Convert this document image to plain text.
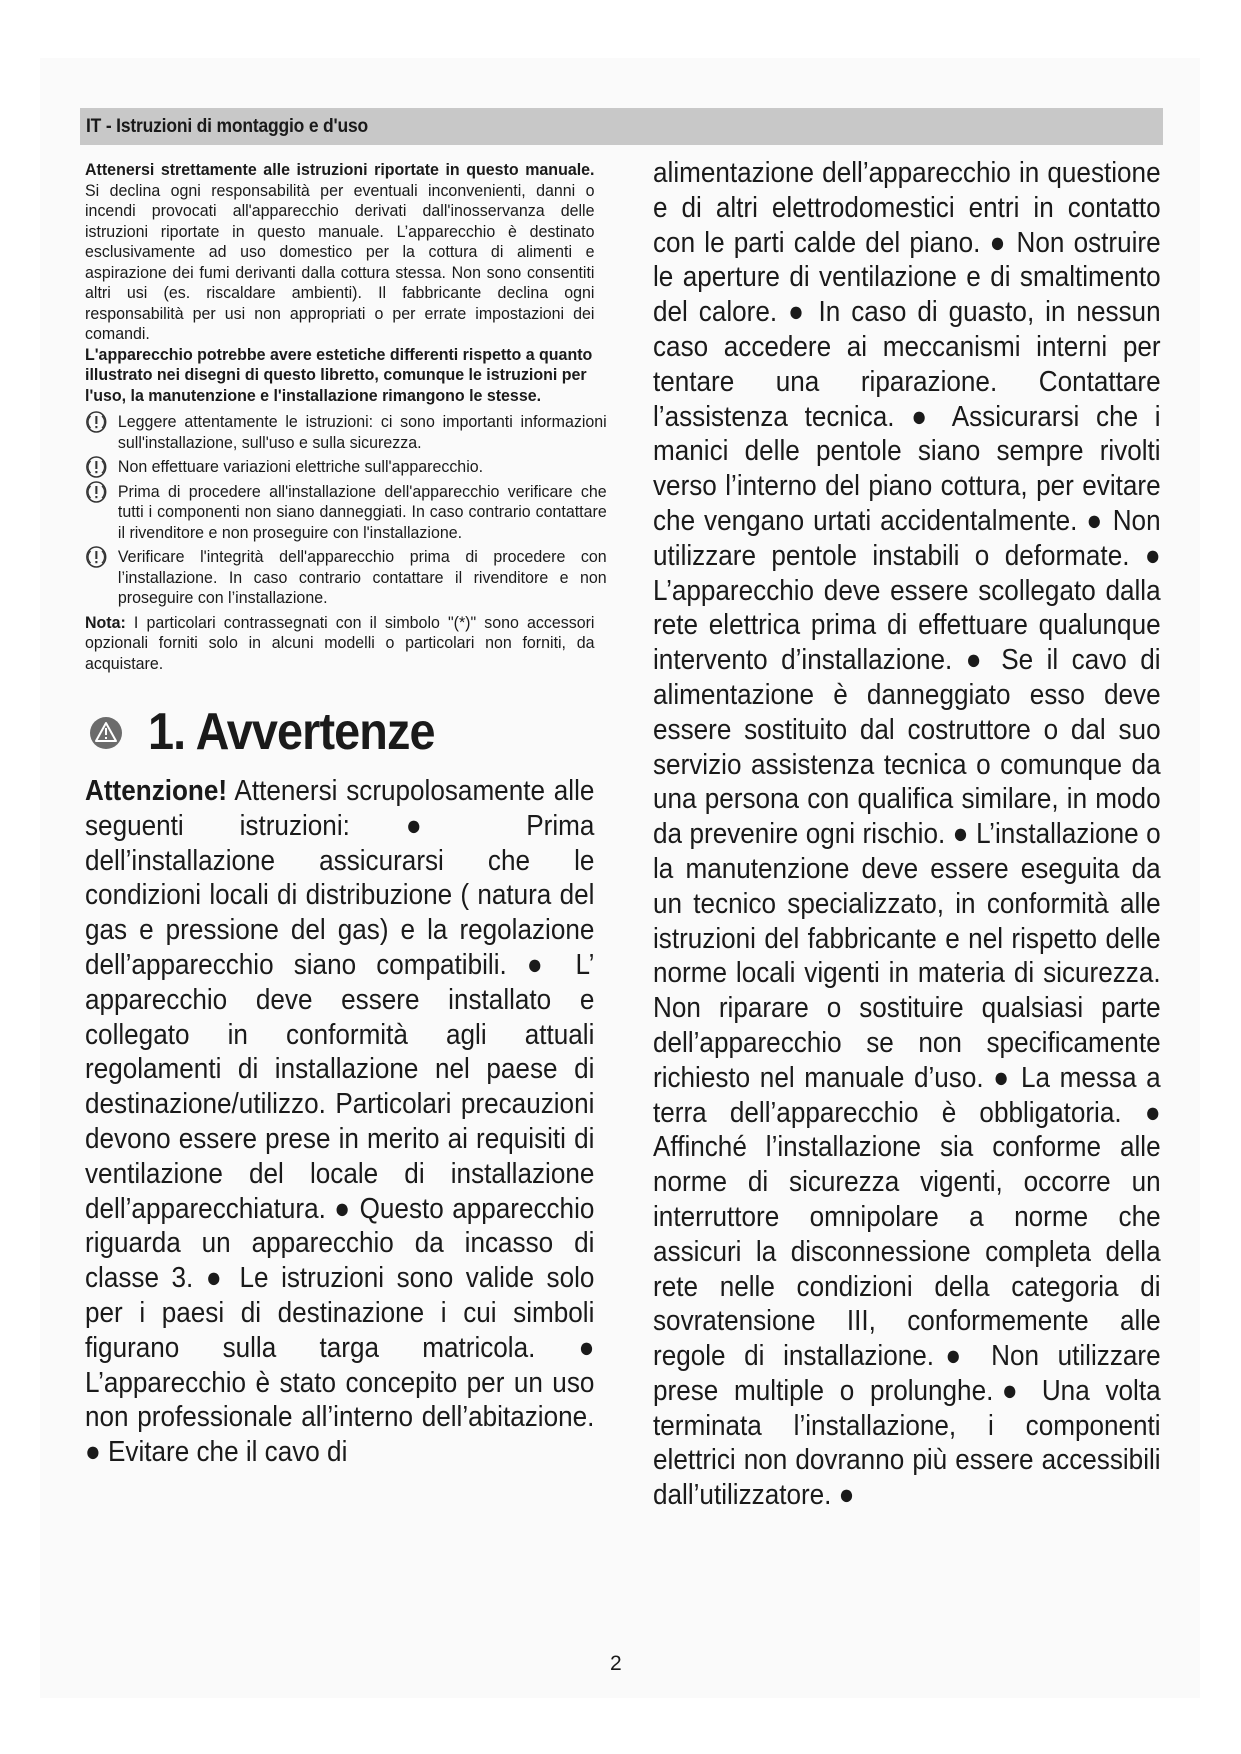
IT - Istruzioni di montaggio e d'uso
Attenersi strettamente alle istruzioni riportate in questo manuale. Si declina ogni responsabilità per eventuali inconvenienti, danni o incendi provocati all'apparecchio derivati dall'inosservanza delle istruzioni riportate in questo manuale. L’apparecchio è destinato esclusivamente ad uso domestico per la cottura di alimenti e aspirazione dei fumi derivanti dalla cottura stessa. Non sono consentiti altri usi (es. riscaldare ambienti). Il fabbricante declina ogni responsabilità per usi non appropriati o per errate impostazioni dei comandi.
L'apparecchio potrebbe avere estetiche differenti rispetto a quanto illustrato nei disegni di questo libretto, comunque le istruzioni per l'uso, la manutenzione e l'installazione rimangono le stesse.
Leggere attentamente le istruzioni: ci sono importanti informazioni sull'installazione, sull'uso e sulla sicurezza.
Non effettuare variazioni elettriche sull'apparecchio.
Prima di procedere all'installazione dell'apparecchio verificare che tutti i componenti non siano danneggiati. In caso contrario contattare il rivenditore e non proseguire con l'installazione.
Verificare l'integrità dell'apparecchio prima di procedere con l’installazione. In caso contrario contattare il rivenditore e non proseguire con l’installazione.
Nota: I particolari contrassegnati con il simbolo "(*)" sono accessori opzionali forniti solo in alcuni modelli o particolari non forniti, da acquistare.
1. Avvertenze
Attenzione! Attenersi scrupolosamente alle seguenti istruzioni: ● Prima dell’installazione assicurarsi che le condizioni locali di distribuzione ( natura del gas e pressione del gas) e la regolazione dell’apparecchio siano compatibili. ● L’ apparecchio deve essere installato e collegato in conformità agli attuali regolamenti di installazione nel paese di destinazione/utilizzo. Particolari precauzioni devono essere prese in merito ai requisiti di ventilazione del locale di installazione dell’apparecchiatura. ● Questo apparecchio riguarda un apparecchio da incasso di classe 3. ● Le istruzioni sono valide solo per i paesi di destinazione i cui simboli figurano sulla targa matricola. ● L’apparecchio è stato concepito per un uso non professionale all’interno dell’abitazione. ● Evitare che il cavo di
alimentazione dell’apparecchio in questione e di altri elettrodomestici entri in contatto con le parti calde del piano. ● Non ostruire le aperture di ventilazione e di smaltimento del calore. ● In caso di guasto, in nessun caso accedere ai meccanismi interni per tentare una riparazione. Contattare l’assistenza tecnica. ● Assicurarsi che i manici delle pentole siano sempre rivolti verso l’interno del piano cottura, per evitare che vengano urtati accidentalmente. ● Non utilizzare pentole instabili o deformate. ● L’apparecchio deve essere scollegato dalla rete elettrica prima di effettuare qualunque intervento d’installazione. ● Se il cavo di alimentazione è danneggiato esso deve essere sostituito dal costruttore o dal suo servizio assistenza tecnica o comunque da una persona con qualifica similare, in modo da prevenire ogni rischio. ● L’installazione o la manutenzione deve essere eseguita da un tecnico specializzato, in conformità alle istruzioni del fabbricante e nel rispetto delle norme locali vigenti in materia di sicurezza. Non riparare o sostituire qualsiasi parte dell’apparecchio se non specificamente richiesto nel manuale d’uso. ● La messa a terra dell’apparecchio è obbligatoria. ● Affinché l’installazione sia conforme alle norme di sicurezza vigenti, occorre un interruttore omnipolare a norme che assicuri la disconnessione completa della rete nelle condizioni della categoria di sovratensione III, conformemente alle regole di installazione.● Non utilizzare prese multiple o prolunghe.● Una volta terminata l’installazione, i componenti elettrici non dovranno più essere accessibili dall’utilizzatore. ●
2
